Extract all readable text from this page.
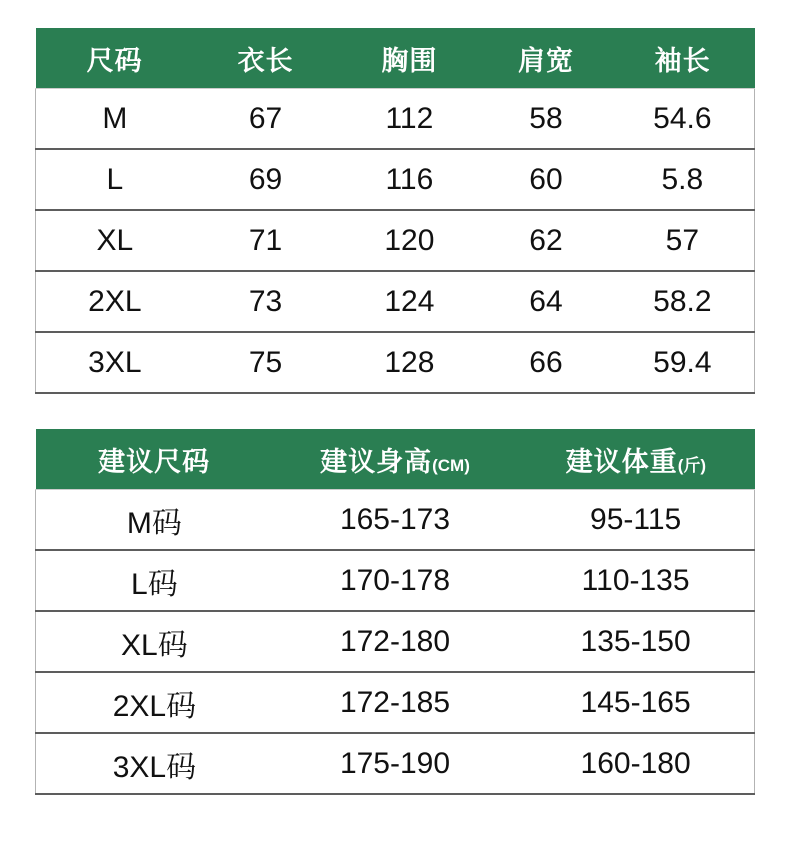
尺码	衣长	胸围	肩宽	袖长
M	67	112	58	54.6
L	69	116	60	5.8
XL	71	120	62	57
2XL	73	124	64	58.2
3XL	75	128	66	59.4
建议尺码	建议身高(CM)	建议体重(斤)
M码	165-173	95-115
L码	170-178	110-135
XL码	172-180	135-150
2XL码	172-185	145-165
3XL码	175-190	160-180
